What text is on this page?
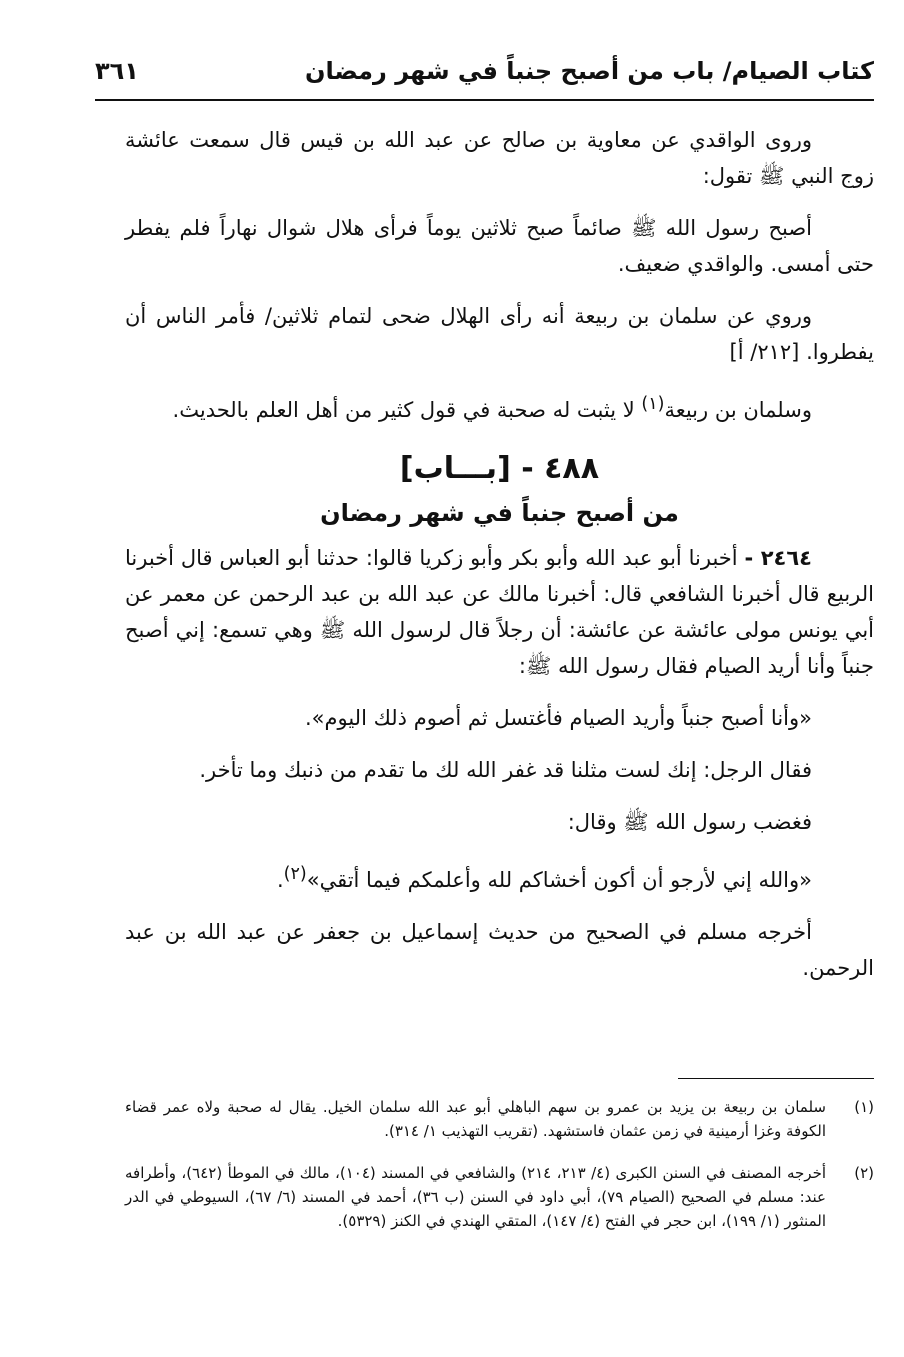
كتاب الصيام/ باب من أصبح جنباً في شهر رمضان
٣٦١

وروى الواقدي عن معاوية بن صالح عن عبد الله بن قيس قال سمعت عائشة زوج النبي ﷺ تقول:

أصبح رسول الله ﷺ صائماً صبح ثلاثين يوماً فرأى هلال شوال نهاراً فلم يفطر حتى أمسى. والواقدي ضعيف.

وروي عن سلمان بن ربيعة أنه رأى الهلال ضحى لتمام ثلاثين/ فأمر الناس أن يفطروا. [٢١٢/ أ]

وسلمان بن ربيعة$^{(١)}$ لا يثبت له صحبة في قول كثير من أهل العلم بالحديث.

٤٨٨ - [بـــاب]
من أصبح جنباً في شهر رمضان

٢٤٦٤ - أخبرنا أبو عبد الله وأبو بكر وأبو زكريا قالوا: حدثنا أبو العباس قال أخبرنا الربيع قال أخبرنا الشافعي قال: أخبرنا مالك عن عبد الله بن عبد الرحمن عن معمر عن أبي يونس مولى عائشة عن عائشة: أن رجلاً قال لرسول الله ﷺ وهي تسمع: إني أصبح جنباً وأنا أريد الصيام فقال رسول الله ﷺ:

«وأنا أصبح جنباً وأريد الصيام فأغتسل ثم أصوم ذلك اليوم».

فقال الرجل: إنك لست مثلنا قد غفر الله لك ما تقدم من ذنبك وما تأخر.

فغضب رسول الله ﷺ وقال:

«والله إني لأرجو أن أكون أخشاكم لله وأعلمكم فيما أتقي»$^{(٢)}$.

أخرجه مسلم في الصحيح من حديث إسماعيل بن جعفر عن عبد الله بن عبد الرحمن.

(١)
سلمان بن ربيعة بن يزيد بن عمرو بن سهم الباهلي أبو عبد الله سلمان الخيل. يقال له صحبة ولاه عمر قضاء الكوفة وغزا أرمينية في زمن عثمان فاستشهد. (تقريب التهذيب ١/ ٣١٤).
(٢)
أخرجه المصنف في السنن الكبرى (٤/ ٢١٣، ٢١٤) والشافعي في المسند (١٠٤)، مالك في الموطأ (٦٤٢)، وأطرافه عند: مسلم في الصحيح (الصيام ٧٩)، أبي داود في السنن (ب ٣٦)، أحمد في المسند (٦/ ٦٧)، السيوطي في الدر المنثور (١/ ١٩٩)، ابن حجر في الفتح (٤/ ١٤٧)، المتقي الهندي في الكنز (٥٣٢٩).
